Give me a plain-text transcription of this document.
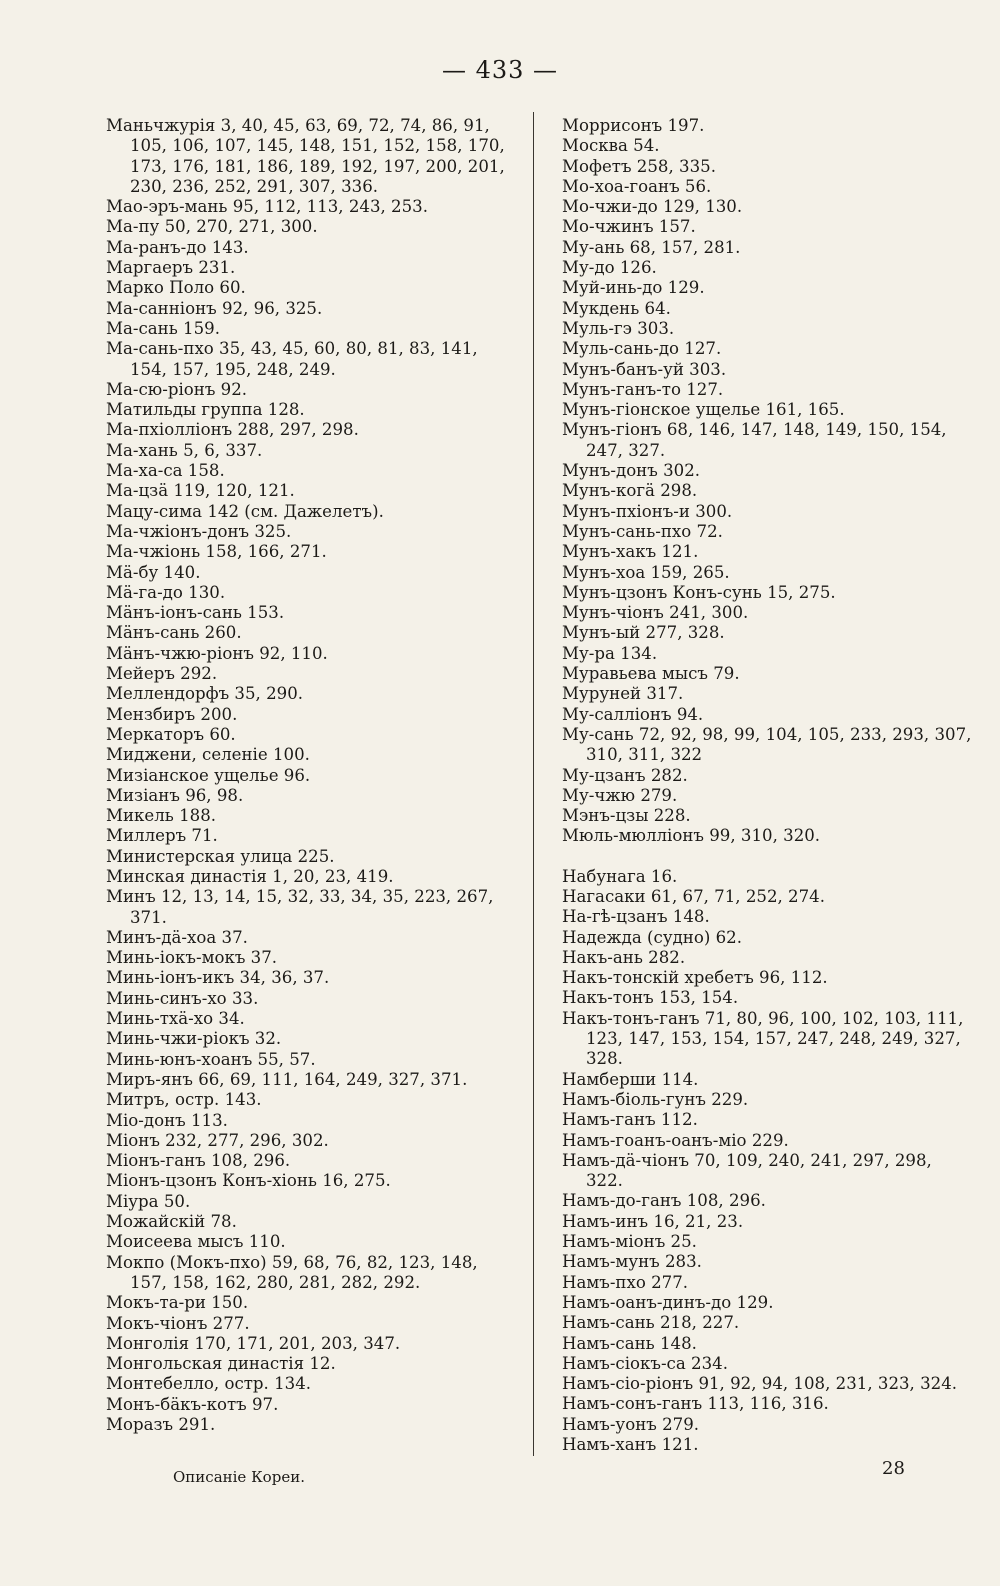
— 433 —

Маньчжурія 3, 40, 45, 63, 69, 72, 74, 86, 91, 105, 106, 107, 145, 148, 151, 152, 158, 170, 173, 176, 181, 186, 189, 192, 197, 200, 201, 230, 236, 252, 291, 307, 336.

Мао-эръ-мань 95, 112, 113, 243, 253.

Ма-пу 50, 270, 271, 300.

Ма-ранъ-до 143.

Маргаеръ 231.

Марко Поло 60.

Ма-санніонъ 92, 96, 325.

Ма-сань 159.

Ма-сань-пхо 35, 43, 45, 60, 80, 81, 83, 141, 154, 157, 195, 248, 249.

Ма-сю-ріонъ 92.

Матильды группа 128.

Ма-пхіолліонъ 288, 297, 298.

Ма-хань 5, 6, 337.

Ма-ха-са 158.

Ма-цзä 119, 120, 121.

Мацу-сима 142 (см. Дажелетъ).

Ма-чжіонъ-донъ 325.

Ма-чжіонь 158, 166, 271.

Мä-бу 140.

Мä-га-до 130.

Мäнъ-іонъ-сань 153.

Мäнъ-сань 260.

Мäнъ-чжю-ріонъ 92, 110.

Мейеръ 292.

Меллендорфъ 35, 290.

Мензбиръ 200.

Меркаторъ 60.

Миджени, селеніе 100.

Мизіанское ущелье 96.

Мизіанъ 96, 98.

Микель 188.

Миллеръ 71.

Министерская улица 225.

Минская династія 1, 20, 23, 419.

Минъ 12, 13, 14, 15, 32, 33, 34, 35, 223, 267, 371.

Минъ-дä-хоа 37.

Минь-іокъ-мокъ 37.

Минь-іонъ-икъ 34, 36, 37.

Минь-синъ-хо 33.

Минь-тхä-хо 34.

Минь-чжи-ріокъ 32.

Минь-юнъ-хоанъ 55, 57.

Миръ-янъ 66, 69, 111, 164, 249, 327, 371.

Митръ, остр. 143.

Міо-донъ 113.

Міонъ 232, 277, 296, 302.

Міонъ-ганъ 108, 296.

Міонъ-цзонъ Конъ-хіонь 16, 275.

Міура 50.

Можайскій 78.

Моисеева мысъ 110.

Мокпо (Мокъ-пхо) 59, 68, 76, 82, 123, 148, 157, 158, 162, 280, 281, 282, 292.

Мокъ-та-ри 150.

Мокъ-чіонъ 277.

Монголія 170, 171, 201, 203, 347.

Монгольская династія 12.

Монтебелло, остр. 134.

Монъ-бäкъ-котъ 97.

Моразъ 291.

Моррисонъ 197.

Москва 54.

Мофетъ 258, 335.

Мо-хоа-гоанъ 56.

Мо-чжи-до 129, 130.

Мо-чжинъ 157.

Му-ань 68, 157, 281.

Му-до 126.

Муй-инь-до 129.

Мукдень 64.

Муль-гэ 303.

Муль-сань-до 127.

Мунъ-банъ-уй 303.

Мунъ-ганъ-то 127.

Мунъ-гіонское ущелье 161, 165.

Мунъ-гіонъ 68, 146, 147, 148, 149, 150, 154, 247, 327.

Мунъ-донъ 302.

Мунъ-когä 298.

Мунъ-пхіонъ-и 300.

Мунъ-сань-пхо 72.

Мунъ-хакъ 121.

Мунъ-хоа 159, 265.

Мунъ-цзонъ Конъ-сунь 15, 275.

Мунъ-чіонъ 241, 300.

Мунъ-ый 277, 328.

Му-ра 134.

Муравьева мысъ 79.

Муруней 317.

Му-салліонъ 94.

Му-сань 72, 92, 98, 99, 104, 105, 233, 293, 307, 310, 311, 322

Му-цзанъ 282.

Му-чжю 279.

Мэнъ-цзы 228.

Мюль-мюлліонъ 99, 310, 320.

Набунага 16.

Нагасаки 61, 67, 71, 252, 274.

На-гѣ-цзанъ 148.

Надежда (судно) 62.

Накъ-ань 282.

Накъ-тонскій хребетъ 96, 112.

Накъ-тонъ 153, 154.

Накъ-тонъ-ганъ 71, 80, 96, 100, 102, 103, 111, 123, 147, 153, 154, 157, 247, 248, 249, 327, 328.

Намберши 114.

Намъ-біоль-гунъ 229.

Намъ-ганъ 112.

Намъ-гоанъ-оанъ-міо 229.

Намъ-дä-чіонъ 70, 109, 240, 241, 297, 298, 322.

Намъ-до-ганъ 108, 296.

Намъ-инъ 16, 21, 23.

Намъ-міонъ 25.

Намъ-мунъ 283.

Намъ-пхо 277.

Намъ-оанъ-динъ-до 129.

Намъ-сань 218, 227.

Намъ-сань 148.

Намъ-сіокъ-са 234.

Намъ-сіо-ріонъ 91, 92, 94, 108, 231, 323, 324.

Намъ-сонъ-ганъ 113, 116, 316.

Намъ-уонъ 279.

Намъ-ханъ 121.

Описаніе Кореи.	28
